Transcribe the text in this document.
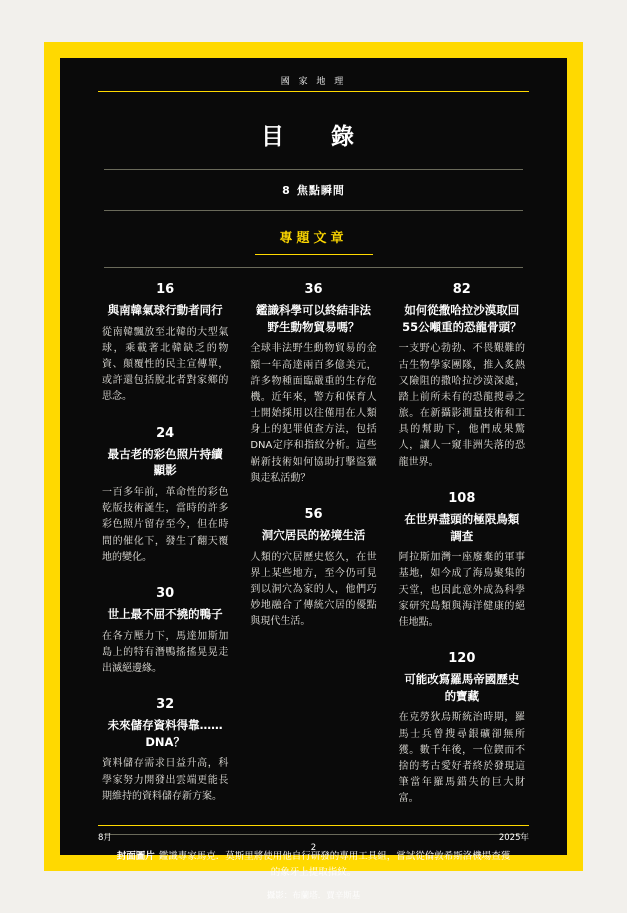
國 家 地 理
目　錄
8 焦點瞬間
專題文章
16
與南韓氣球行動者同行
從南韓飄放至北韓的大型氣球，乘載著北韓缺乏的物資、顛覆性的民主宣傳單，或許還包括脫北者對家鄉的思念。
24
最古老的彩色照片持續顯影
一百多年前，革命性的彩色乾版技術誕生，當時的許多彩色照片留存至今，但在時間的催化下，發生了翻天覆地的變化。
30
世上最不屈不撓的鴨子
在各方壓力下，馬達加斯加島上的特有潛鴨搖搖晃晃走出滅絕邊緣。
32
未來儲存資料得靠……DNA？
資料儲存需求日益升高，科學家努力開發出雲端更能長期維持的資料儲存新方案。
36
鑑識科學可以終結非法野生動物貿易嗎？
全球非法野生動物貿易的金額一年高達兩百多億美元，許多物種面臨嚴重的生存危機。近年來，警方和保育人士開始採用以往僅用在人類身上的犯罪偵查方法，包括DNA定序和指紋分析。這些嶄新技術如何協助打擊盜獵與走私活動？
56
洞穴居民的祕境生活
人類的穴居歷史悠久，在世界上某些地方，至今仍可見到以洞穴為家的人，他們巧妙地融合了傳統穴居的優點與現代生活。
82
如何從撒哈拉沙漠取回55公噸重的恐龍骨頭？
一支野心勃勃、不畏艱難的古生物學家團隊，推入炙熱又險阻的撒哈拉沙漠深處，踏上前所未有的恐龍搜尋之旅。在新攝影測量技術和工具的幫助下，他們成果驚人，讓人一窺非洲失落的恐龍世界。
108
在世界盡頭的極限鳥類調查
阿拉斯加灣一座廢棄的軍事基地，如今成了海鳥聚集的天堂，也因此意外成為科學家研究島類與海洋健康的絕佳地點。
120
可能改寫羅馬帝國歷史的寶藏
在克勞狄烏斯統治時期，羅馬士兵曾搜尋銀礦卻無所獲。數千年後，一位鍥而不捨的考古愛好者終於發現這筆當年羅馬錯失的巨大財富。
封面圖片 鑑識專家馬克．莫斯里將使用他自行研發的專用工具組，嘗試從倫敦希斯洛機場查獲的象牙上提取指紋。
攝影：布蘭塔．賈辛斯基
8月	2025年
2
